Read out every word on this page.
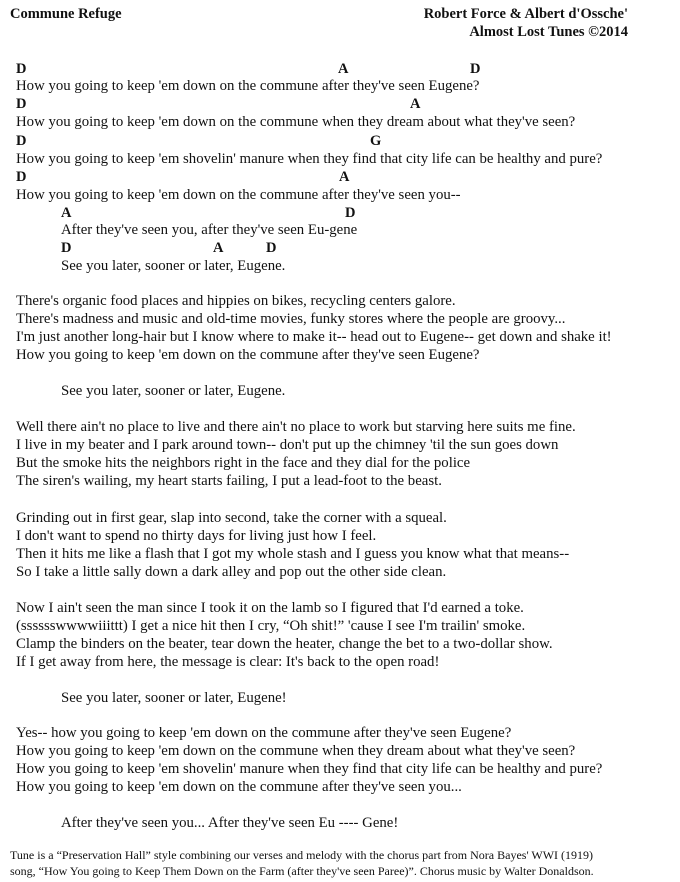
Commune Refuge	Robert Force & Albert d'Ossche'
Almost Lost Tunes ©2014
D	A	D
D	A
D	G
D	A
A	D
D	A	D
How you going to keep 'em down on the commune after they've seen Eugene?
How you going to keep 'em down on the commune when they dream about what they've seen?
How you going to keep 'em shovelin' manure when they find that city life can be healthy and pure?
How you going to keep 'em down on the commune after they've seen you--
After they've seen you, after they've seen Eu-gene
See you later, sooner or later, Eugene.
There's organic food places and hippies on bikes, recycling centers galore.
There's madness and music and old-time movies, funky stores where the people are groovy...
I'm just another long-hair but I know where to make it-- head out to Eugene-- get down and shake it!
How you going to keep 'em down on the commune after they've seen Eugene?
See you later, sooner or later, Eugene.
Well there ain't no place to live and there ain't no place to work but starving here suits me fine.
I live in my beater and I park around town-- don't put up the chimney 'til the sun goes down
But the smoke hits the neighbors right in the face and they dial for the police
The siren's wailing, my heart starts failing, I put a lead-foot to the beast.
Grinding out in first gear, slap into second, take the corner with a squeal.
I don't want to spend no thirty days for living just how I feel.
Then it hits me like a flash that I got my whole stash and I guess you know what that means--
So I take a little sally down a dark alley and pop out the other side clean.
Now I ain't seen the man since I took it on the lamb so I figured that I'd earned a toke.
(sssssswwwwiiittt) I get a nice hit then I cry, “Oh shit!” 'cause I see I'm trailin' smoke.
Clamp the binders on the beater, tear down the heater, change the bet to a two-dollar show.
If I get away from here, the message is clear: It's back to the open road!
See you later, sooner or later, Eugene!
Yes-- how you going to keep 'em down on the commune after they've seen Eugene?
How you going to keep 'em down on the commune when they dream about what they've seen?
How you going to keep 'em shovelin' manure when they find that city life can be healthy and pure?
How you going to keep 'em down on the commune after they've seen you...
After they've seen you... After they've seen Eu ---- Gene!
Tune is a “Preservation Hall” style combining our verses and melody with the chorus part from Nora Bayes' WWI (1919)
song, “How You going to Keep Them Down on the Farm (after they've seen Paree)”. Chorus music by Walter Donaldson.
